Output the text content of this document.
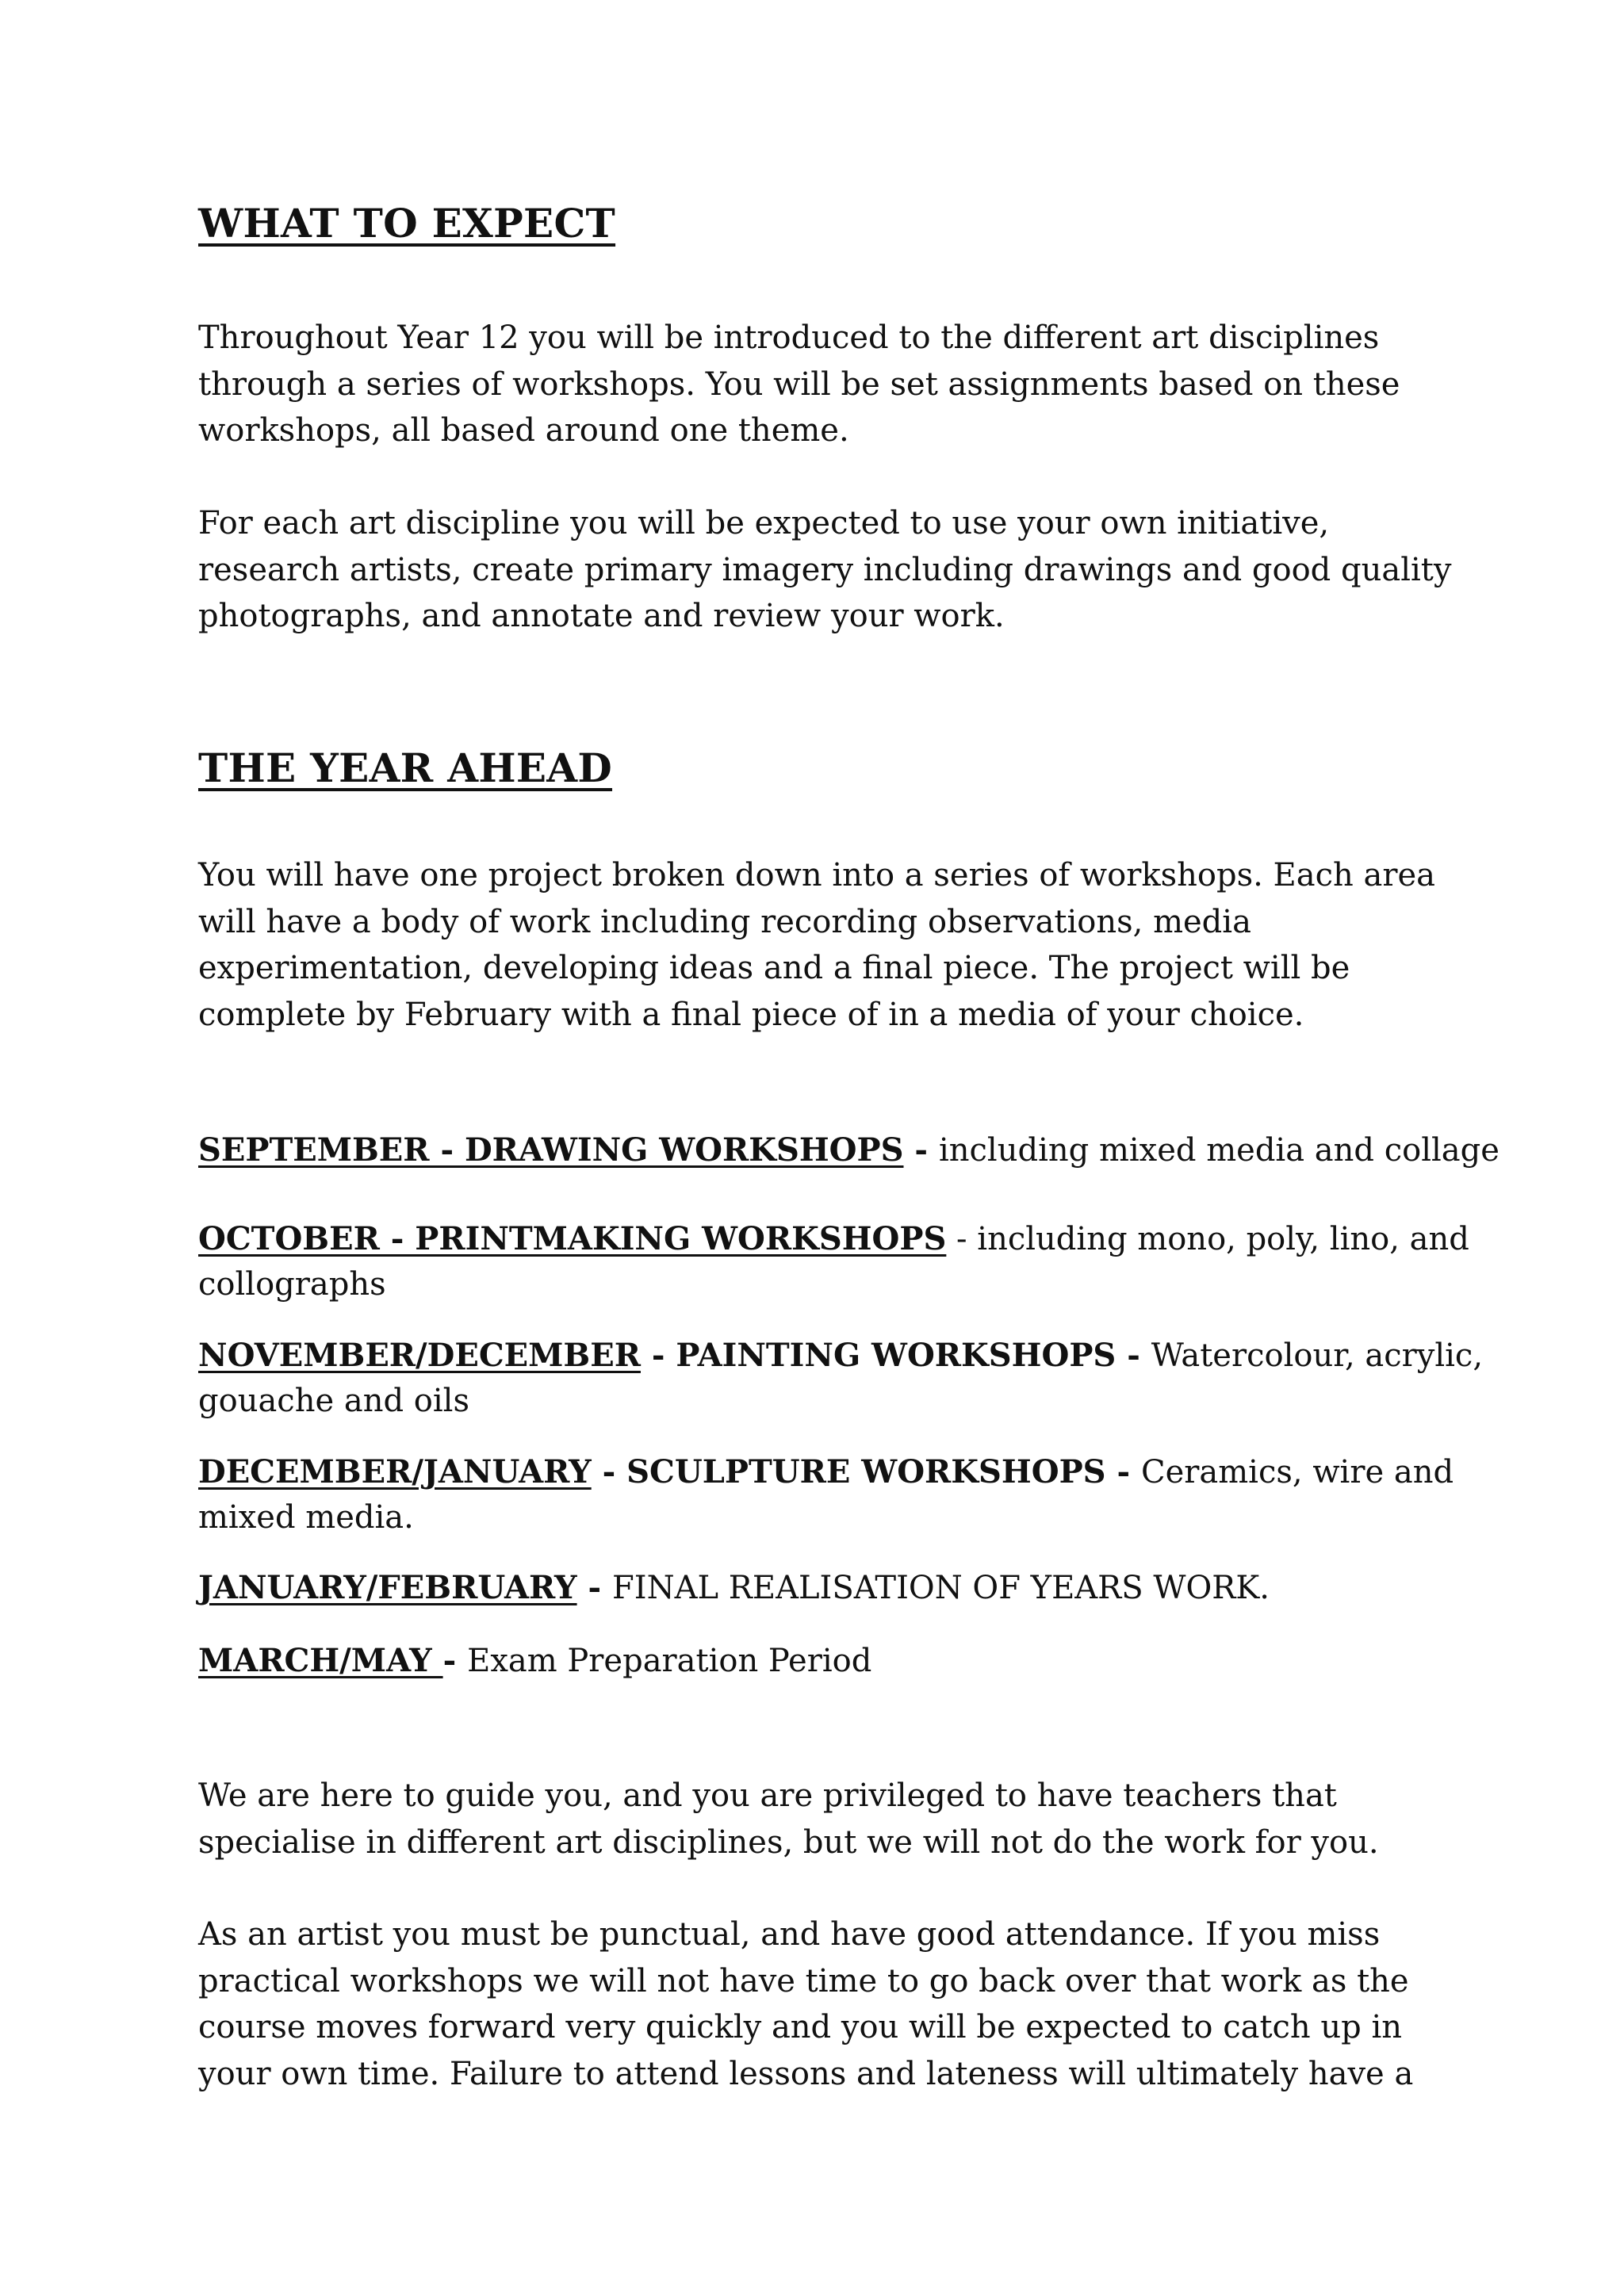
WHAT TO EXPECT

Throughout Year 12 you will be introduced to the different art disciplines
through a series of workshops. You will be set assignments based on these
workshops, all based around one theme.

For each art discipline you will be expected to use your own initiative,
research artists, create primary imagery including drawings and good quality
photographs, and annotate and review your work.

THE YEAR AHEAD

You will have one project broken down into a series of workshops. Each area
will have a body of work including recording observations, media
experimentation, developing ideas and a final piece. The project will be
complete by February with a final piece of in a media of your choice.

SEPTEMBER - DRAWING WORKSHOPS - including mixed media and collage

OCTOBER - PRINTMAKING WORKSHOPS - including mono, poly, lino, and
collographs

NOVEMBER/DECEMBER - PAINTING WORKSHOPS - Watercolour, acrylic,
gouache and oils

DECEMBER/JANUARY - SCULPTURE WORKSHOPS - Ceramics, wire and
mixed media.

JANUARY/FEBRUARY - FINAL REALISATION OF YEARS WORK.

MARCH/MAY - Exam Preparation Period

We are here to guide you, and you are privileged to have teachers that
specialise in different art disciplines, but we will not do the work for you.

As an artist you must be punctual, and have good attendance. If you miss
practical workshops we will not have time to go back over that work as the
course moves forward very quickly and you will be expected to catch up in
your own time. Failure to attend lessons and lateness will ultimately have a
